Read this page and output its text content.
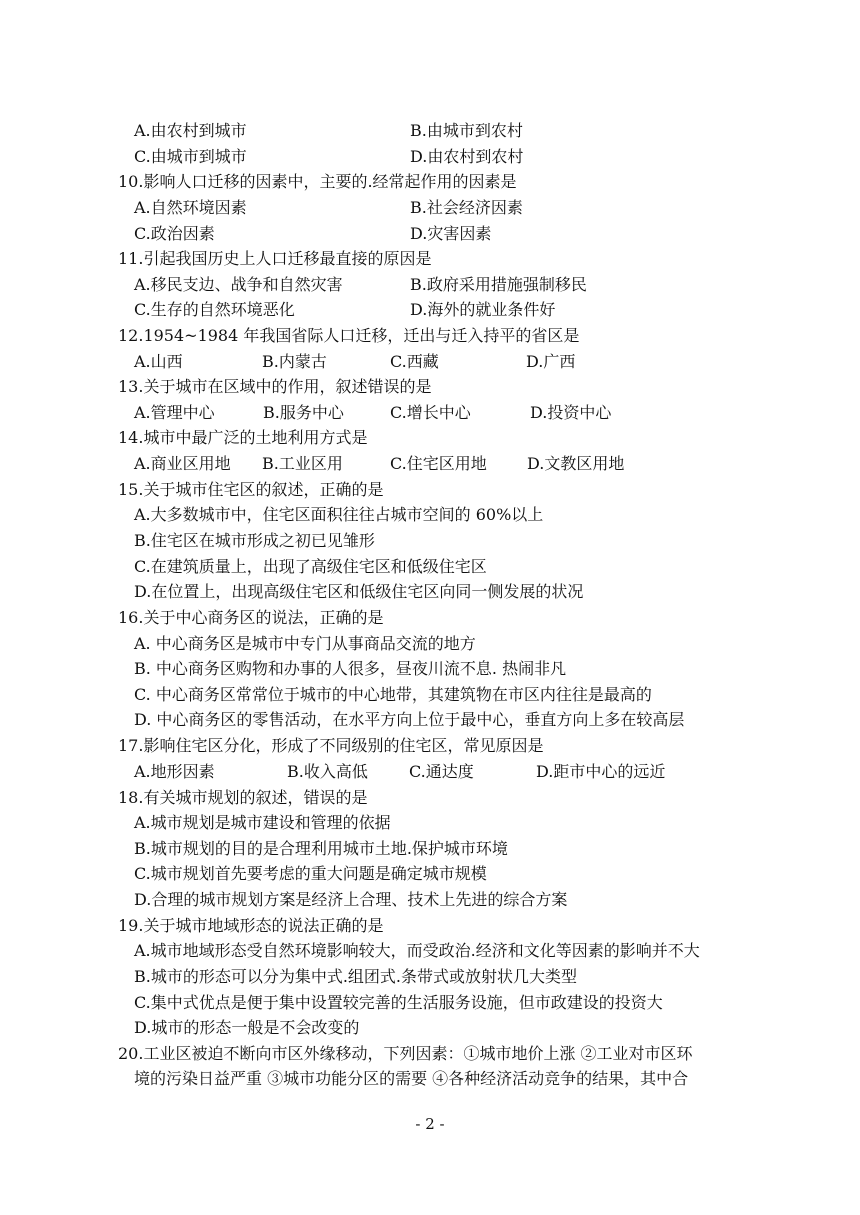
A.由农村到城市	B.由城市到农村
C.由城市到城市	D.由农村到农村
10.影响人口迁移的因素中，主要的.经常起作用的因素是
A.自然环境因素	B.社会经济因素
C.政治因素	D.灾害因素
11.引起我国历史上人口迁移最直接的原因是
A.移民支边、战争和自然灾害	B.政府采用措施强制移民
C.生存的自然环境恶化	D.海外的就业条件好
12.1954~1984 年我国省际人口迁移，迁出与迁入持平的省区是
A.山西	B.内蒙古	C.西藏	D.广西
13.关于城市在区域中的作用，叙述错误的是
A.管理中心	B.服务中心	C.增长中心	D.投资中心
14.城市中最广泛的土地利用方式是
A.商业区用地 B.工业区用	C.住宅区用地	D.文教区用地
15.关于城市住宅区的叙述，正确的是
A.大多数城市中，住宅区面积往往占城市空间的 60%以上
B.住宅区在城市形成之初已见雏形
C.在建筑质量上，出现了高级住宅区和低级住宅区
D.在位置上，出现高级住宅区和低级住宅区向同一侧发展的状况
16.关于中心商务区的说法，正确的是
A. 中心商务区是城市中专门从事商品交流的地方
B. 中心商务区购物和办事的人很多，昼夜川流不息. 热闹非凡
C. 中心商务区常常位于城市的中心地带，其建筑物在市区内往往是最高的
D. 中心商务区的零售活动，在水平方向上位于最中心，垂直方向上多在较高层
17.影响住宅区分化，形成了不同级别的住宅区，常见原因是
A.地形因素	B.收入高低	C.通达度	D.距市中心的远近
18.有关城市规划的叙述，错误的是
A.城市规划是城市建设和管理的依据
B.城市规划的目的是合理利用城市土地.保护城市环境
C.城市规划首先要考虑的重大问题是确定城市规模
D.合理的城市规划方案是经济上合理、技术上先进的综合方案
19.关于城市地域形态的说法正确的是
A.城市地域形态受自然环境影响较大，而受政治.经济和文化等因素的影响并不大
B.城市的形态可以分为集中式.组团式.条带式或放射状几大类型
C.集中式优点是便于集中设置较完善的生活服务设施，但市政建设的投资大
D.城市的形态一般是不会改变的
20.工业区被迫不断向市区外缘移动，下列因素：①城市地价上涨 ②工业对市区环
境的污染日益严重 ③城市功能分区的需要 ④各种经济活动竞争的结果，其中合
- 2 -
